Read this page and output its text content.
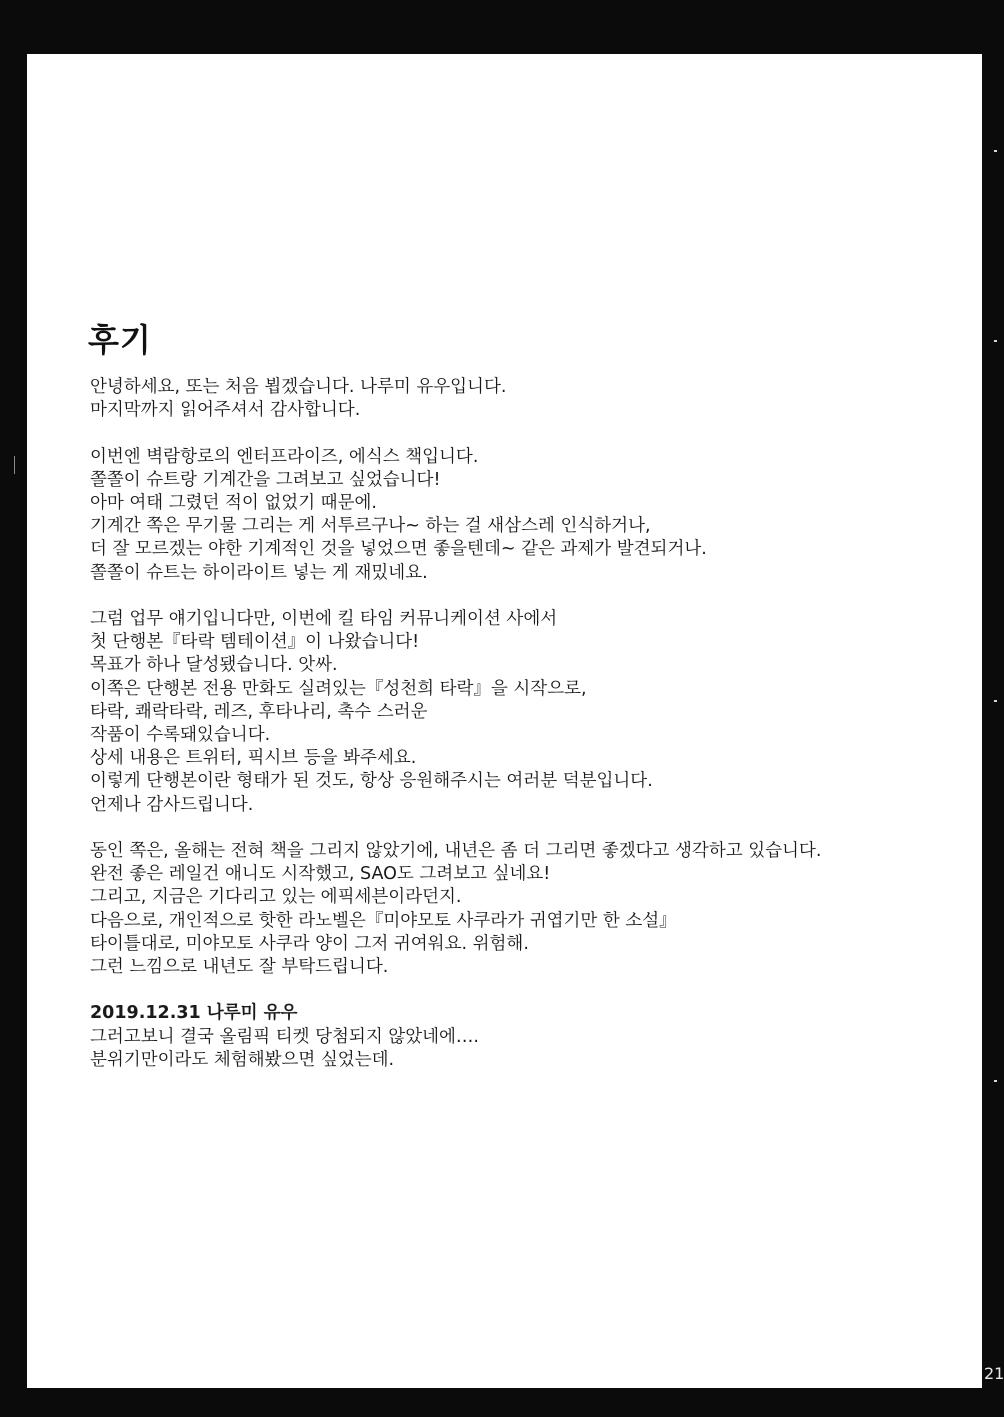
후기

안녕하세요, 또는 처음 뵙겠습니다. 나루미 유우입니다.
마지막까지 읽어주셔서 감사합니다.

이번엔 벽람항로의 엔터프라이즈, 에식스 책입니다.
쫄쫄이 슈트랑 기계간을 그려보고 싶었습니다!
아마 여태 그렸던 적이 없었기 때문에.
기계간 쪽은 무기물 그리는 게 서투르구나~ 하는 걸 새삼스레 인식하거나,
더 잘 모르겠는 야한 기계적인 것을 넣었으면 좋을텐데~ 같은 과제가 발견되거나.
쫄쫄이 슈트는 하이라이트 넣는 게 재밌네요.

그럼 업무 얘기입니다만, 이번에 킬 타임 커뮤니케이션 사에서
첫 단행본『타락 템테이션』이 나왔습니다!
목표가 하나 달성됐습니다. 앗싸.
이쪽은 단행본 전용 만화도 실려있는『성천희 타락』을 시작으로,
타락, 쾌락타락, 레즈, 후타나리, 촉수 스러운
작품이 수록돼있습니다.
상세 내용은 트위터, 픽시브 등을 봐주세요.
이렇게 단행본이란 형태가 된 것도, 항상 응원해주시는 여러분 덕분입니다.
언제나 감사드립니다.

동인 쪽은, 올해는 전혀 책을 그리지 않았기에, 내년은 좀 더 그리면 좋겠다고 생각하고 있습니다.
완전 좋은 레일건 애니도 시작했고, SAO도 그려보고 싶네요!
그리고, 지금은 기다리고 있는 에픽세븐이라던지.
다음으로, 개인적으로 핫한 라노벨은『미야모토 사쿠라가 귀엽기만 한 소설』
타이틀대로, 미야모토 사쿠라 양이 그저 귀여워요. 위험해.
그런 느낌으로 내년도 잘 부탁드립니다.

2019.12.31 나루미 유우
그러고보니 결국 올림픽 티켓 당첨되지 않았네에….
분위기만이라도 체험해봤으면 싶었는데.

21
